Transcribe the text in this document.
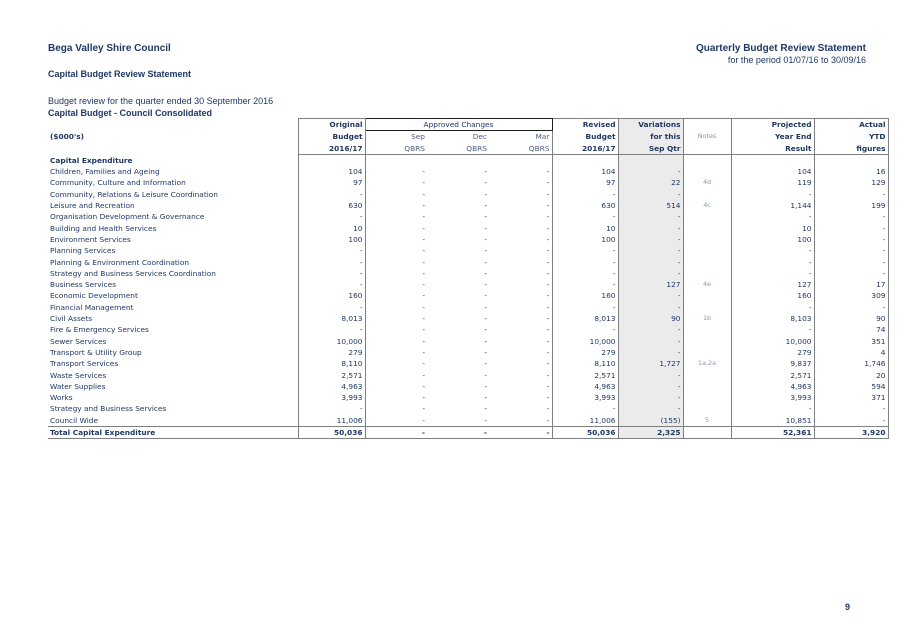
Bega Valley Shire Council	Quarterly Budget Review Statement
for the period 01/07/16 to 30/09/16
Capital Budget Review Statement
Budget review for the quarter ended 30 September 2016
Capital Budget - Council Consolidated
	Original	Approved Changes			Revised	Variations		Projected	Actual
($000's)	Budget	Sep	Dec	Mar	Budget	for this	Notes	Year End	YTD
	2016/17	QBRS	QBRS	QBRS	2016/17	Sep Qtr		Result	figures
Capital Expenditure									
Children, Families and Ageing	104	-	-	-	104	-		104	16
Community, Culture and Information	97	-	-	-	97	22	4d	119	129
Community, Relations & Leisure Coordination	-	-	-	-	-	-		-	-
Leisure and Recreation	630	-	-	-	630	514	4c	1,144	199
Organisation Development & Governance	-	-	-	-	-	-		-	-
Building and Health Services	10	-	-	-	10	-		10	-
Environment Services	100	-	-	-	100	-		100	-
Planning Services	-	-	-	-	-	-		-	-
Planning & Environment Coordination	-	-	-	-	-	-		-	-
Strategy and Business Services Coordination	-	-	-	-	-	-		-	-
Business Services	-	-	-	-	-	127	4e	127	17
Economic Development	160	-	-	-	160	-		160	309
Financial Management	-	-	-	-	-	-		-	-
Civil Assets	8,013	-	-	-	8,013	90	1b	8,103	90
Fire & Emergency Services	-	-	-	-	-	-		-	74
Sewer Services	10,000	-	-	-	10,000	-		10,000	351
Transport & Utility Group	279	-	-	-	279	-		279	4
Transport Services	8,110	-	-	-	8,110	1,727	1a,2a	9,837	1,746
Waste Services	2,571	-	-	-	2,571	-		2,571	20
Water Supplies	4,963	-	-	-	4,963	-		4,963	594
Works	3,993	-	-	-	3,993	-		3,993	371
Strategy and Business Services	-	-	-	-	-	-		-	-
Council Wide	11,006	-	-	-	11,006	(155)	5	10,851	-
Total Capital Expenditure	50,036	-	-	-	50,036	2,325		52,361	3,920
9
